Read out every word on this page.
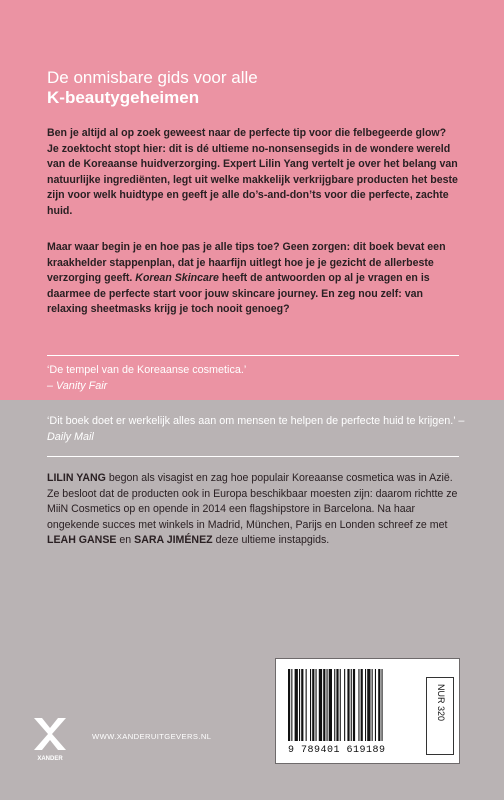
De onmisbare gids voor alle
K-beautygeheimen
Ben je altijd al op zoek geweest naar de perfecte tip voor die felbegeerde glow? Je zoektocht stopt hier: dit is dé ultieme no-nonsensegids in de wondere wereld van de Koreaanse huidverzorging. Expert Lilin Yang vertelt je over het belang van natuurlijke ingrediënten, legt uit welke makkelijk verkrijgbare producten het beste zijn voor welk huidtype en geeft je alle do’s-and-don’ts voor die perfecte, zachte huid.
Maar waar begin je en hoe pas je alle tips toe? Geen zorgen: dit boek bevat een kraakhelder stappenplan, dat je haarfijn uitlegt hoe je je gezicht de allerbeste verzorging geeft. Korean Skincare heeft de antwoorden op al je vragen en is daarmee de perfecte start voor jouw skincare journey. En zeg nou zelf: van relaxing sheetmasks krijg je toch nooit genoeg?
‘De tempel van de Koreaanse cosmetica.’
– Vanity Fair
‘Dit boek doet er werkelijk alles aan om mensen te helpen de perfecte huid te krijgen.’ – Daily Mail
LILIN YANG begon als visagist en zag hoe populair Koreaanse cosmetica was in Azië. Ze besloot dat de producten ook in Europa beschikbaar moesten zijn: daarom richtte ze MiiN Cosmetics op en opende in 2014 een flagshipstore in Barcelona. Na haar ongekende succes met winkels in Madrid, München, Parijs en Londen schreef ze met LEAH GANSE en SARA JIMÉNEZ deze ultieme instapgids.
9 789401 619189
NUR 320
XANDER
WWW.XANDERUITGEVERS.NL
